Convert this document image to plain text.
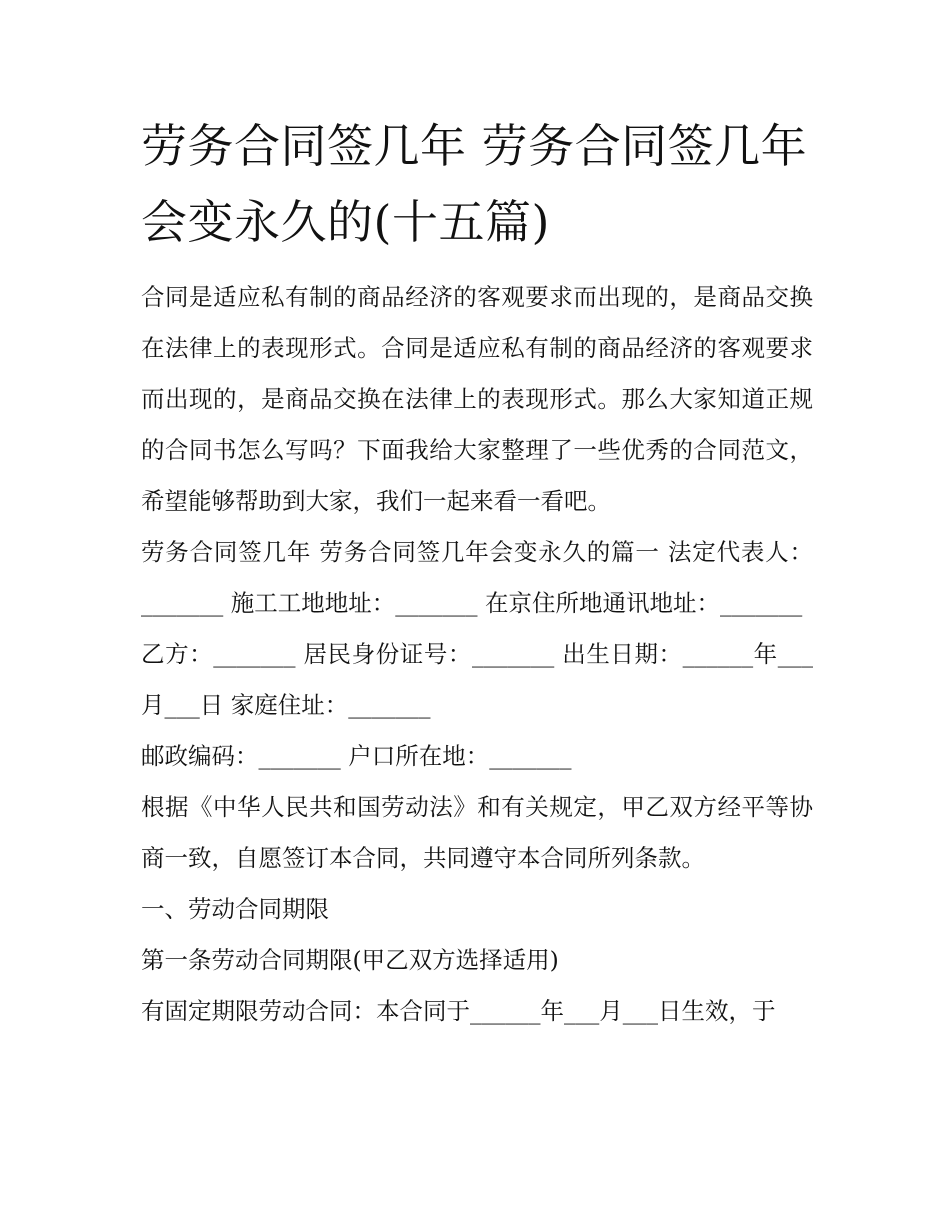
劳务合同签几年 劳务合同签几年会变永久的(十五篇)

合同是适应私有制的商品经济的客观要求而出现的，是商品交换在法律上的表现形式。合同是适应私有制的商品经济的客观要求而出现的，是商品交换在法律上的表现形式。那么大家知道正规的合同书怎么写吗？下面我给大家整理了一些优秀的合同范文，希望能够帮助到大家，我们一起来看一看吧。

劳务合同签几年 劳务合同签几年会变永久的篇一 法定代表人：_______ 施工工地地址：_______ 在京住所地通讯地址：_______

乙方：_______ 居民身份证号：_______ 出生日期：______年___月___日 家庭住址：_______

邮政编码：_______ 户口所在地：_______

根据《中华人民共和国劳动法》和有关规定，甲乙双方经平等协商一致，自愿签订本合同，共同遵守本合同所列条款。

一、劳动合同期限

第一条劳动合同期限(甲乙双方选择适用)

有固定期限劳动合同：本合同于______年___月___日生效，于
